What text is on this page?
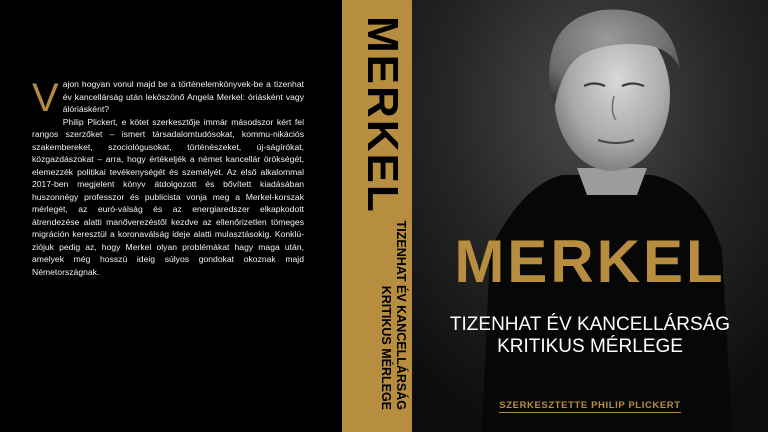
V ajon hogyan vonul majd be a történelemkönyvek-be a tizenhat év kancellárság után leköszönő Angela Merkel: óriásként vagy álóriásként?

Philip Plickert, e kötet szerkesztője immár másodszor kért fel rangos szerzőket – ismert társadalomtudósokat, kommu-nikációs szakembereket, szociológusokat, történészeket, új-ságírókat, közgazdászokat – arra, hogy értékeljék a német kancellár örökségét, elemezzék politikai tevékenységét és személyét. Az első alkalommal 2017-ben megjelent könyv átdolgozott és bővített kiadásában huszonnégy professzor és publicista vonja meg a Merkel-korszak mérlegét, az euró-válság és az energiaredszer elkapkodott átrendezése alatti manőverezéstől kezdve az ellenőrizetlen tömeges migráción keresztül a koronaválság ideje alatti mulasztásokig. Konklú-ziójuk pedig az, hogy Merkel olyan problémákat hagy maga után, amelyek még hosszú ideig súlyos gondokat okoznak majd Németországnak.

MERKEL
TIZENHAT ÉV KANCELLÁRSÁG
KRITIKUS MÉRLEGE
MERKEL
TIZENHAT ÉV KANCELLÁRSÁG
KRITIKUS MÉRLEGE
SZERKESZTETTE PHILIP PLICKERT
